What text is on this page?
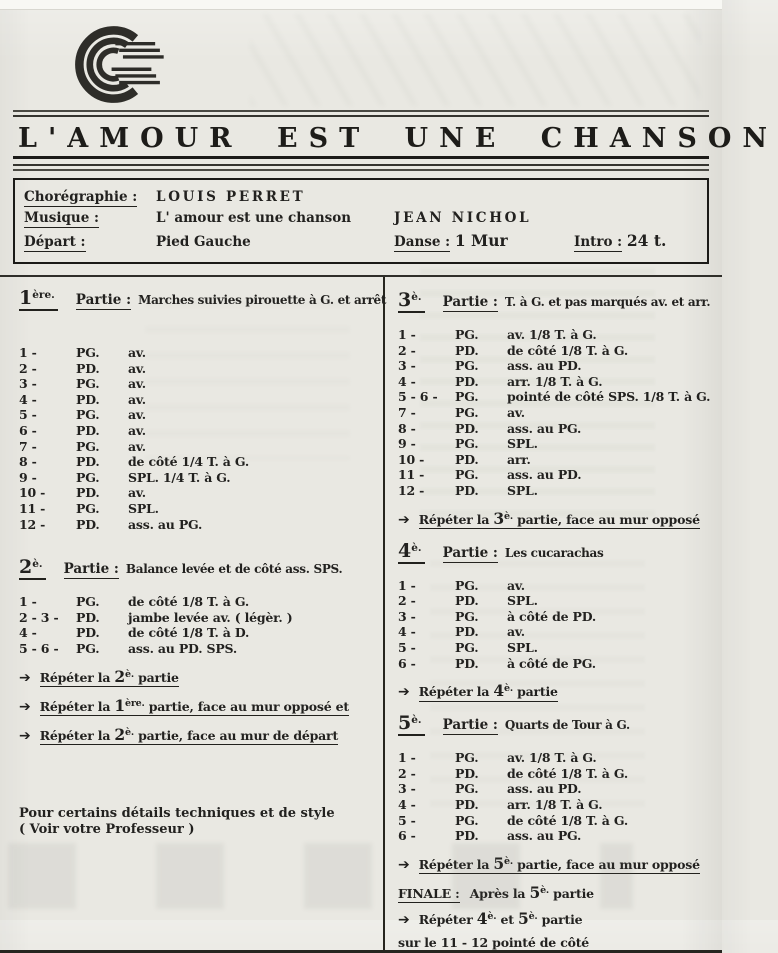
L'AMOUR EST UNE CHANSON
Chorégraphie :	LOUIS PERRET
Musique :	L' amour est une chanson	JEAN NICHOL
Départ :	Pied Gauche	Danse : 1 Mur	Intro : 24 t.
$1^{ère.}$ Partie : Marches suivies pirouette à G. et arrêt
1 -	PG.	av.
2 -	PD.	av.
3 -	PG.	av.
4 -	PD.	av.
5 -	PG.	av.
6 -	PD.	av.
7 -	PG.	av.
8 -	PD.	de côté 1/4 T. à G.
9 -	PG.	SPL. 1/4 T. à G.
10 -	PD.	av.
11 -	PG.	SPL.
12 -	PD.	ass. au PG.
$2^{è.}$ Partie : Balance levée et de côté ass. SPS.
1 -	PG.	de côté 1/8 T. à G.
2 - 3 -	PD.	jambe levée av. ( légèr. )
4 -	PD.	de côté 1/8 T. à D.
5 - 6 -	PG.	ass. au PD. SPS.
➔ Répéter la $2^{è.}$ partie
➔ Répéter la $1^{ère.}$ partie, face au mur opposé et
➔ Répéter la $2^{è.}$ partie, face au mur de départ
Pour certains détails techniques et de style
( Voir votre Professeur )
$3^{è.}$ Partie : T. à G. et pas marqués av. et arr.
1 -	PG.	av. 1/8 T. à G.
2 -	PD.	de côté 1/8 T. à G.
3 -	PG.	ass. au PD.
4 -	PD.	arr. 1/8 T. à G.
5 - 6 -	PG.	pointé de côté SPS. 1/8 T. à G.
7 -	PG.	av.
8 -	PD.	ass. au PG.
9 -	PG.	SPL.
10 -	PD.	arr.
11 -	PG.	ass. au PD.
12 -	PD.	SPL.
➔ Répéter la $3^{è.}$ partie, face au mur opposé
$4^{è.}$ Partie : Les cucarachas
1 -	PG.	av.
2 -	PD.	SPL.
3 -	PG.	à côté de PD.
4 -	PD.	av.
5 -	PG.	SPL.
6 -	PD.	à côté de PG.
➔ Répéter la $4^{è.}$ partie
$5^{è.}$ Partie : Quarts de Tour à G.
1 -	PG.	av. 1/8 T. à G.
2 -	PD.	de côté 1/8 T. à G.
3 -	PG.	ass. au PD.
4 -	PD.	arr. 1/8 T. à G.
5 -	PG.	de côté 1/8 T. à G.
6 -	PD.	ass. au PG.
➔ Répéter la $5^{è.}$ partie, face au mur opposé
FINALE : Après la $5^{è.}$ partie
➔ Répéter $4^{è.}$ et $5^{è.}$ partie
sur le 11 - 12 pointé de côté
